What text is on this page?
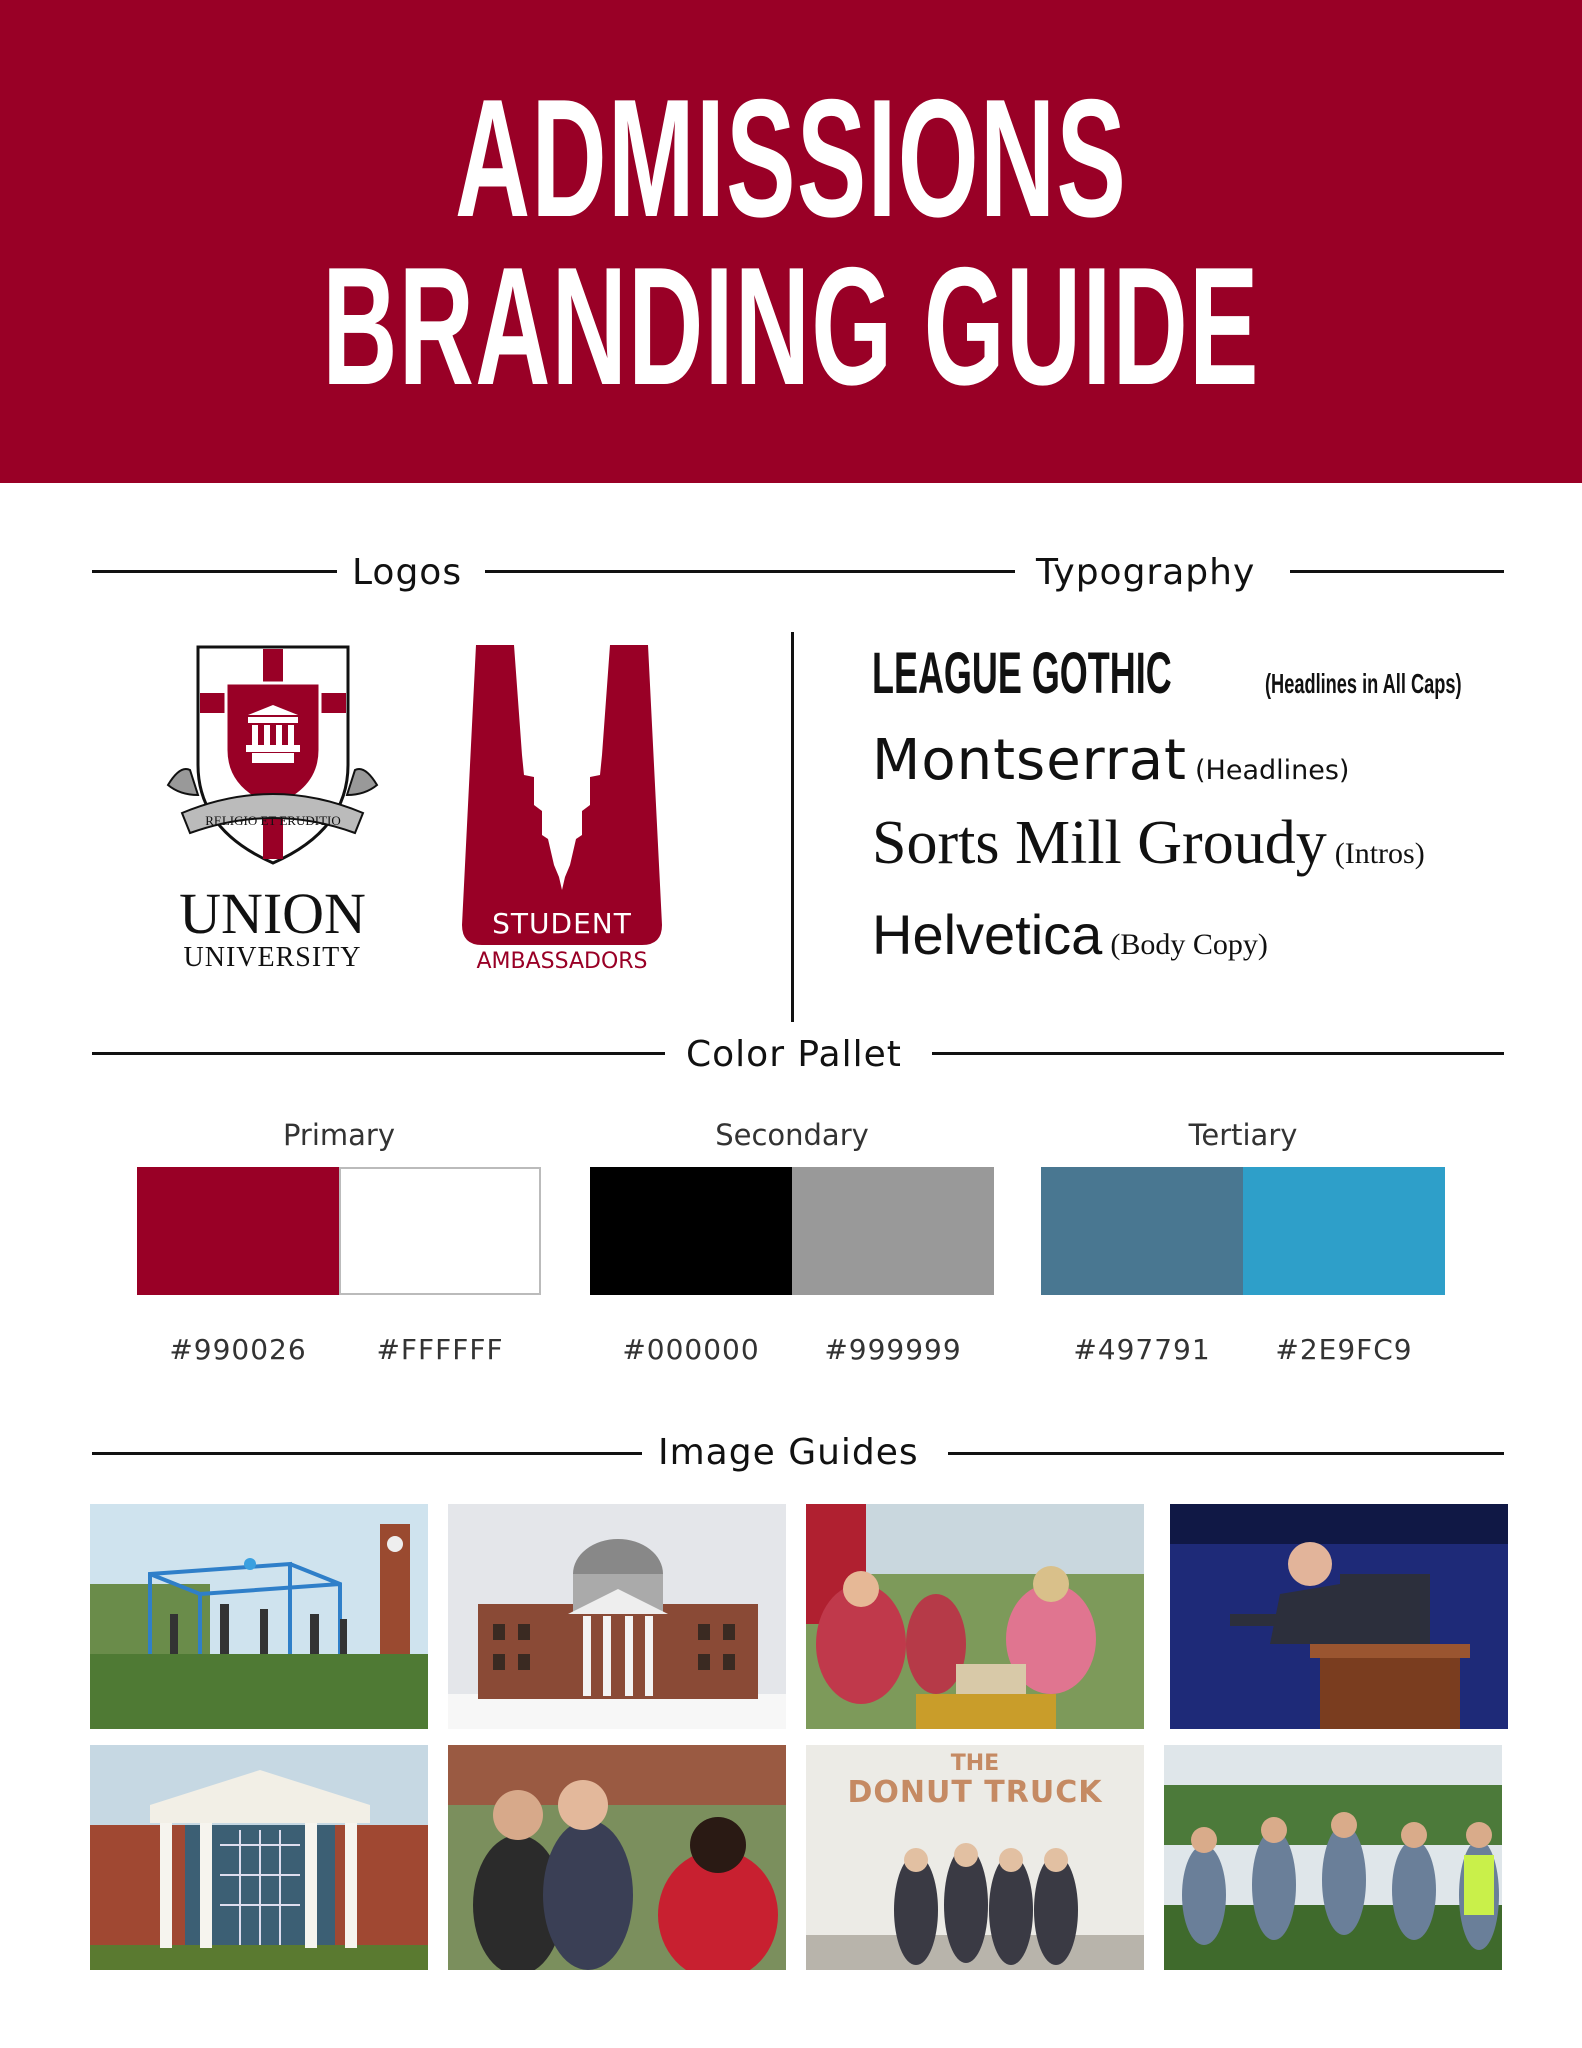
ADMISSIONS
BRANDING GUIDE
Logos	Typography
RELIGIO ET ERUDITIO
UNION
UNIVERSITY
STUDENT
AMBASSADORS
LEAGUE GOTHIC	(Headlines in All Caps)
Montserrat (Headlines)
Sorts Mill Groudy (Intros)
Helvetica (Body Copy)
Color Pallet
Primary	Secondary	Tertiary
#990026	#FFFFFF	#000000	#999999	#497791	#2E9FC9
Image Guides
THE
DONUT TRUCK
